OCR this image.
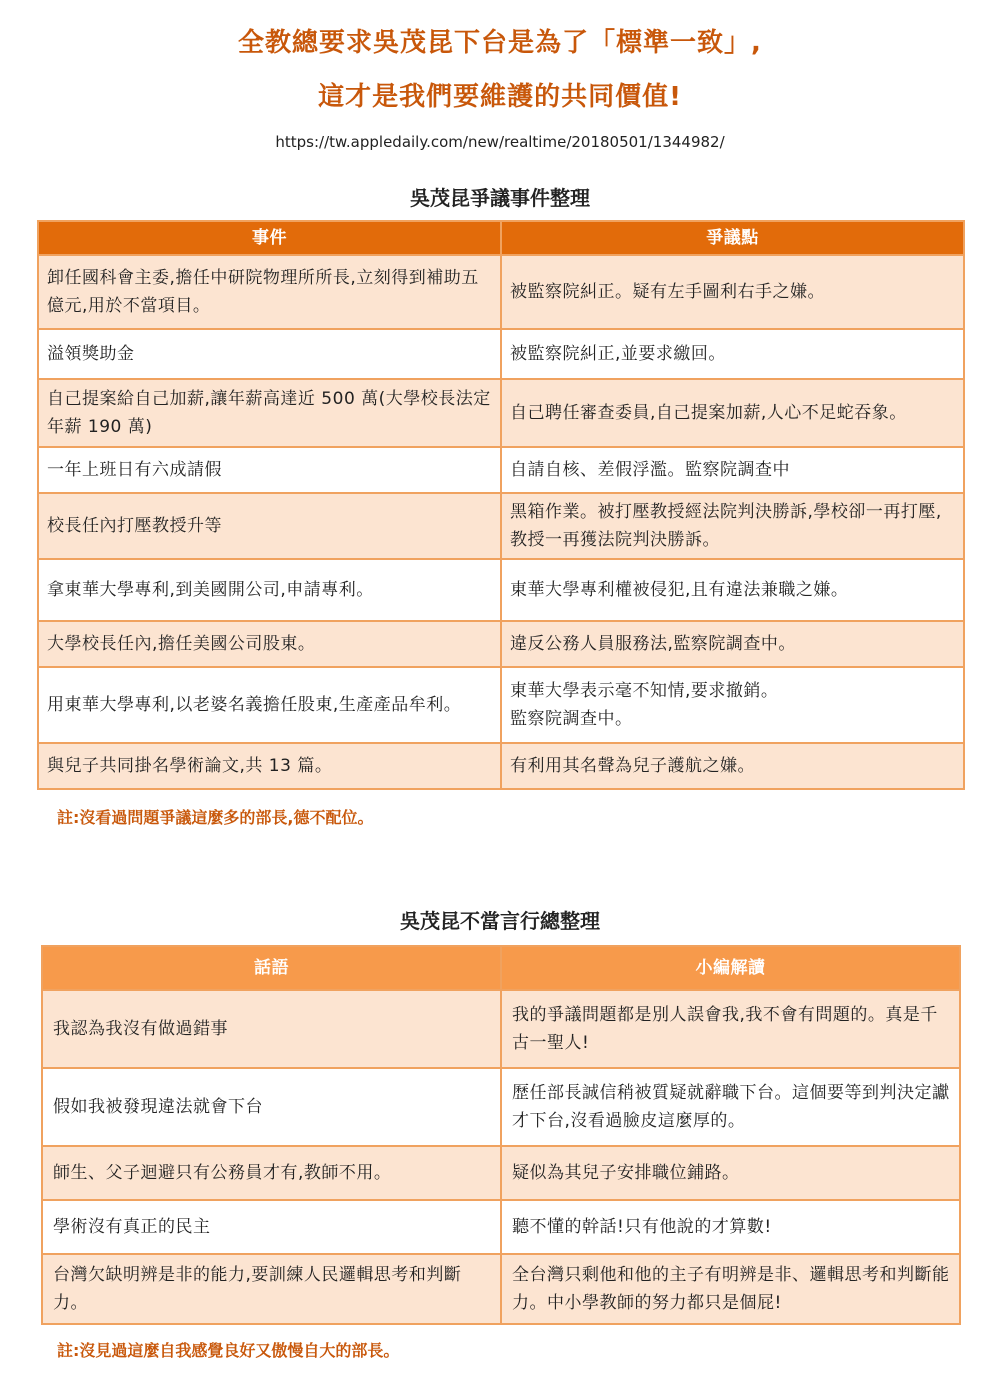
全教總要求吳茂昆下台是為了「標準一致」,
這才是我們要維護的共同價值!
https://tw.appledaily.com/new/realtime/20180501/1344982/
吳茂昆爭議事件整理
事件	爭議點
卸任國科會主委,擔任中研院物理所所長,立刻得到補助五億元,用於不當項目。	被監察院糾正。疑有左手圖利右手之嫌。
溢領獎助金	被監察院糾正,並要求繳回。
自己提案給自己加薪,讓年薪高達近 500 萬(大學校長法定年薪 190 萬)	自己聘任審查委員,自己提案加薪,人心不足蛇吞象。
一年上班日有六成請假	自請自核、差假浮濫。監察院調查中
校長任內打壓教授升等	黑箱作業。被打壓教授經法院判決勝訴,學校卻一再打壓,教授一再獲法院判決勝訴。
拿東華大學專利,到美國開公司,申請專利。	東華大學專利權被侵犯,且有違法兼職之嫌。
大學校長任內,擔任美國公司股東。	違反公務人員服務法,監察院調查中。
用東華大學專利,以老婆名義擔任股東,生產產品牟利。	東華大學表示毫不知情,要求撤銷。
監察院調查中。
與兒子共同掛名學術論文,共 13 篇。	有利用其名聲為兒子護航之嫌。
註:沒看過問題爭議這麼多的部長,德不配位。
吳茂昆不當言行總整理
話語	小編解讀
我認為我沒有做過錯事	我的爭議問題都是別人誤會我,我不會有問題的。真是千古一聖人!
假如我被發現違法就會下台	歷任部長誠信稍被質疑就辭職下台。這個要等到判決定讞才下台,沒看過臉皮這麼厚的。
師生、父子迴避只有公務員才有,教師不用。	疑似為其兒子安排職位鋪路。
學術沒有真正的民主	聽不懂的幹話!只有他說的才算數!
台灣欠缺明辨是非的能力,要訓練人民邏輯思考和判斷力。	全台灣只剩他和他的主子有明辨是非、邏輯思考和判斷能力。中小學教師的努力都只是個屁!
註:沒見過這麼自我感覺良好又傲慢自大的部長。
